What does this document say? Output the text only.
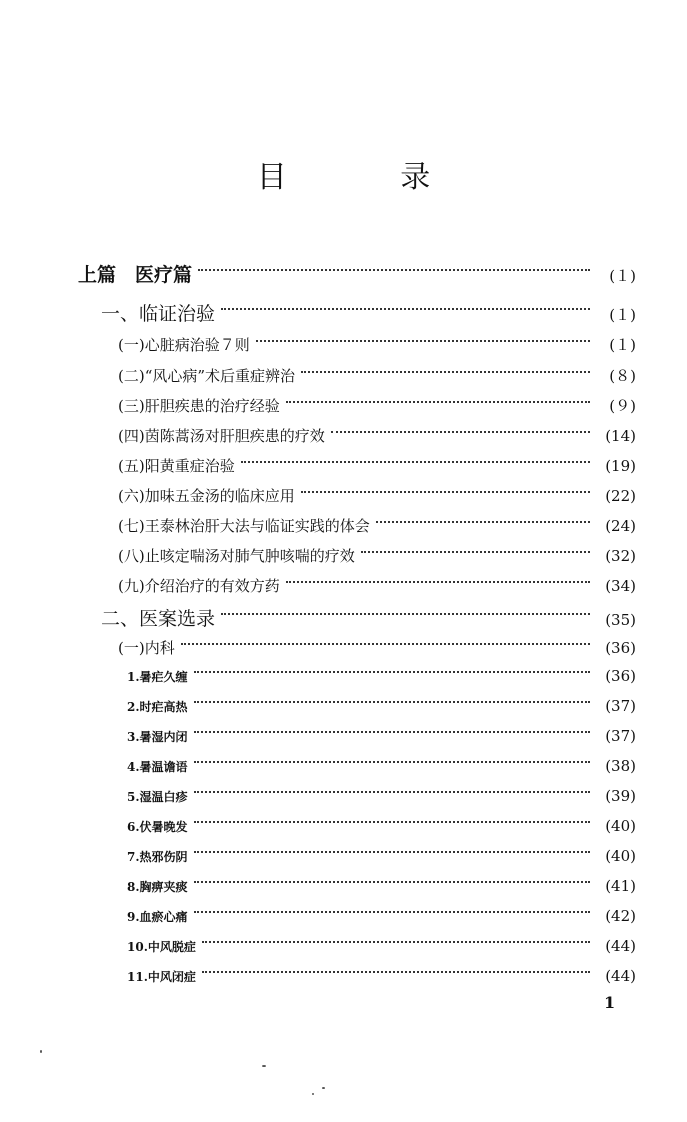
目 录
上篇　医疗篇	(１)
一、临证治验	(１)
(一)心脏病治验７则	(１)
(二)“风心病”术后重症辨治	(８)
(三)肝胆疾患的治疗经验	(９)
(四)茵陈蒿汤对肝胆疾患的疗效	(14)
(五)阳黄重症治验	(19)
(六)加味五金汤的临床应用	(22)
(七)王泰林治肝大法与临证实践的体会	(24)
(八)止咳定喘汤对肺气肿咳喘的疗效	(32)
(九)介绍治疗的有效方药	(34)
二、医案选录	(35)
(一)内科	(36)
1.暑疟久缠	(36)
2.时疟高热	(37)
3.暑湿内闭	(37)
4.暑温谵语	(38)
5.湿温白疹	(39)
6.伏暑晚发	(40)
7.热邪伤阴	(40)
8.胸痹夹痰	(41)
9.血瘀心痛	(42)
10.中风脱症	(44)
11.中风闭症	(44)
1
